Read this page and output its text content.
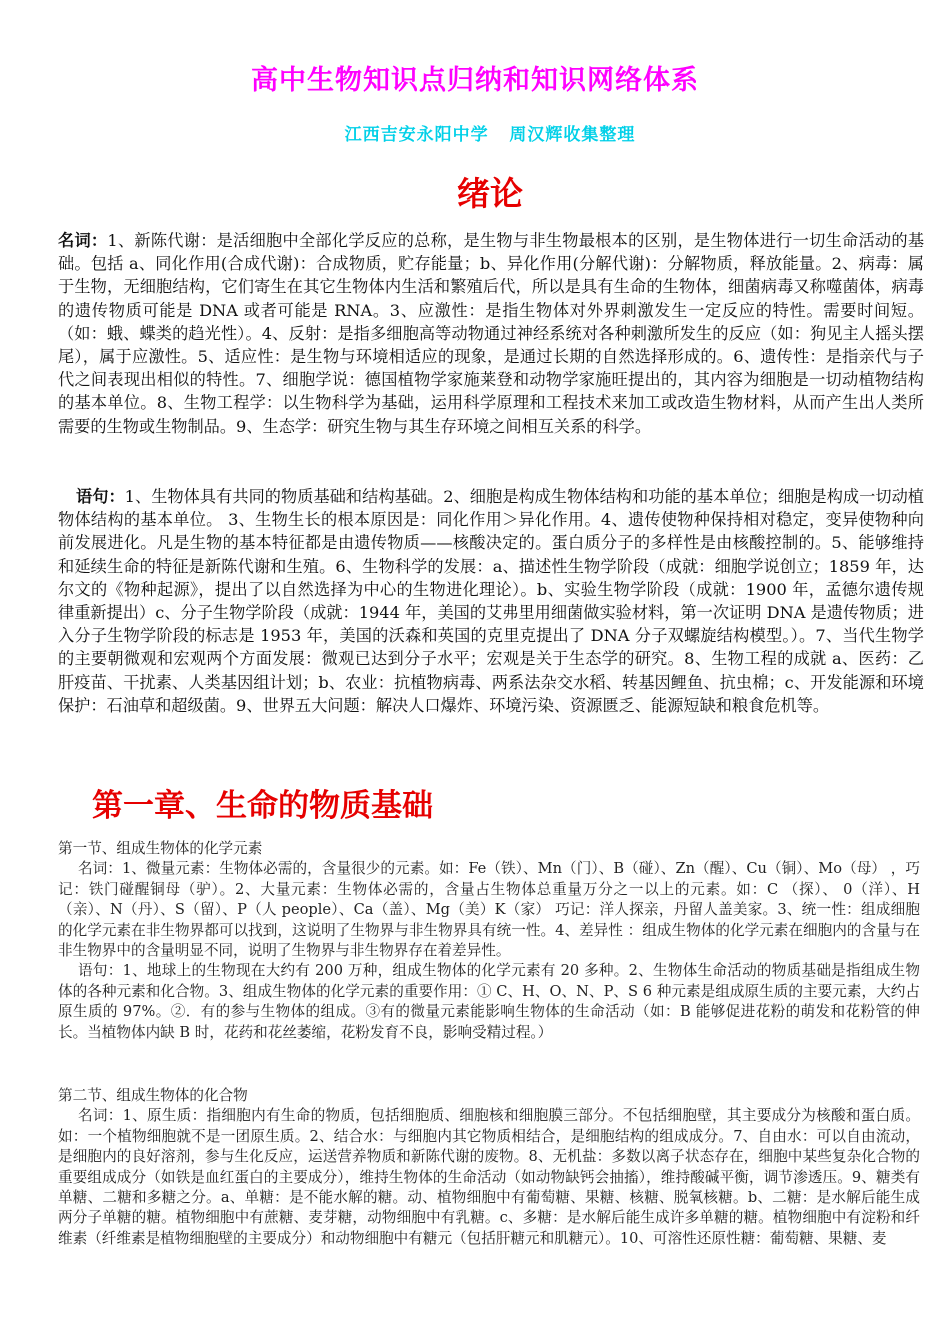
高中生物知识点归纳和知识网络体系
江西吉安永阳中学   周汉辉收集整理
绪论

名词：1、新陈代谢：是活细胞中全部化学反应的总称，是生物与非生物最根本的区别，是生物体进行一切生命活动的基础。包括 a、同化作用(合成代谢)：合成物质，贮存能量；b、异化作用(分解代谢)：分解物质，释放能量。2、病毒：属于生物，无细胞结构，它们寄生在其它生物体内生活和繁殖后代，所以是具有生命的生物体，细菌病毒又称噬菌体，病毒的遗传物质可能是 DNA 或者可能是 RNA。3、应激性：是指生物体对外界刺激发生一定反应的特性。需要时间短。（如：蛾、蝶类的趋光性）。4、反射：是指多细胞高等动物通过神经系统对各种刺激所发生的反应（如：狗见主人摇头摆尾），属于应激性。5、适应性：是生物与环境相适应的现象，是通过长期的自然选择形成的。6、遗传性：是指亲代与子代之间表现出相似的特性。7、细胞学说：德国植物学家施莱登和动物学家施旺提出的，其内容为细胞是一切动植物结构的基本单位。8、生物工程学：以生物科学为基础，运用科学原理和工程技术来加工或改造生物材料，从而产生出人类所需要的生物或生物制品。9、生态学：研究生物与其生存环境之间相互关系的科学。

语句：1、生物体具有共同的物质基础和结构基础。2、细胞是构成生物体结构和功能的基本单位；细胞是构成一切动植物体结构的基本单位。 3、生物生长的根本原因是：同化作用＞异化作用。4、遗传使物种保持相对稳定，变异使物种向前发展进化。凡是生物的基本特征都是由遗传物质——核酸决定的。蛋白质分子的多样性是由核酸控制的。5、能够维持和延续生命的特征是新陈代谢和生殖。6、生物科学的发展：a、描述性生物学阶段（成就：细胞学说创立；1859 年，达尔文的《物种起源》，提出了以自然选择为中心的生物进化理论）。b、实验生物学阶段（成就：1900 年，孟德尔遗传规律重新提出）c、分子生物学阶段（成就：1944 年，美国的艾弗里用细菌做实验材料，第一次证明 DNA 是遗传物质；进入分子生物学阶段的标志是 1953 年，美国的沃森和英国的克里克提出了 DNA 分子双螺旋结构模型。）。7、当代生物学的主要朝微观和宏观两个方面发展：微观已达到分子水平；宏观是关于生态学的研究。8、生物工程的成就 a、医药：乙肝疫苗、干扰素、人类基因组计划；b、农业：抗植物病毒、两系法杂交水稻、转基因鲤鱼、抗虫棉；c、开发能源和环境保护：石油草和超级菌。9、世界五大问题：解决人口爆炸、环境污染、资源匮乏、能源短缺和粮食危机等。

第一章、生命的物质基础

第一节、组成生物体的化学元素

名词：1、微量元素：生物体必需的，含量很少的元素。如：Fe（铁）、Mn（门）、B（碰）、Zn（醒）、Cu（铜）、Mo（母） ，巧记：铁门碰醒铜母（驴）。2、大量元素：生物体必需的，含量占生物体总重量万分之一以上的元素。如：C （探）、 0（洋）、H（亲）、N（丹）、S（留）、P（人 people）、Ca（盖）、Mg（美）K（家） 巧记：洋人探亲，丹留人盖美家。3、统一性：组成细胞的化学元素在非生物界都可以找到，这说明了生物界与非生物界具有统一性。4、差异性 ：组成生物体的化学元素在细胞内的含量与在非生物界中的含量明显不同，说明了生物界与非生物界存在着差异性。

语句：1、地球上的生物现在大约有 200 万种，组成生物体的化学元素有 20 多种。2、生物体生命活动的物质基础是指组成生物体的各种元素和化合物。3、组成生物体的化学元素的重要作用：① C、H、O、N、P、S 6 种元素是组成原生质的主要元素，大约占原生质的 97%。②．有的参与生物体的组成。③有的微量元素能影响生物体的生命活动（如：B 能够促进花粉的萌发和花粉管的伸长。当植物体内缺 B 时，花药和花丝萎缩，花粉发育不良，影响受精过程。）

第二节、组成生物体的化合物

名词：1、原生质：指细胞内有生命的物质，包括细胞质、细胞核和细胞膜三部分。不包括细胞壁，其主要成分为核酸和蛋白质。如：一个植物细胞就不是一团原生质。2、结合水：与细胞内其它物质相结合，是细胞结构的组成成分。7、自由水：可以自由流动，是细胞内的良好溶剂，参与生化反应，运送营养物质和新陈代谢的废物。8、无机盐：多数以离子状态存在，细胞中某些复杂化合物的重要组成成分（如铁是血红蛋白的主要成分），维持生物体的生命活动（如动物缺钙会抽搐），维持酸碱平衡，调节渗透压。9、糖类有单糖、二糖和多糖之分。a、单糖：是不能水解的糖。动、植物细胞中有葡萄糖、果糖、核糖、脱氧核糖。b、二糖：是水解后能生成两分子单糖的糖。植物细胞中有蔗糖、麦芽糖，动物细胞中有乳糖。c、多糖：是水解后能生成许多单糖的糖。植物细胞中有淀粉和纤维素（纤维素是植物细胞壁的主要成分）和动物细胞中有糖元（包括肝糖元和肌糖元）。10、可溶性还原性糖：葡萄糖、果糖、麦
